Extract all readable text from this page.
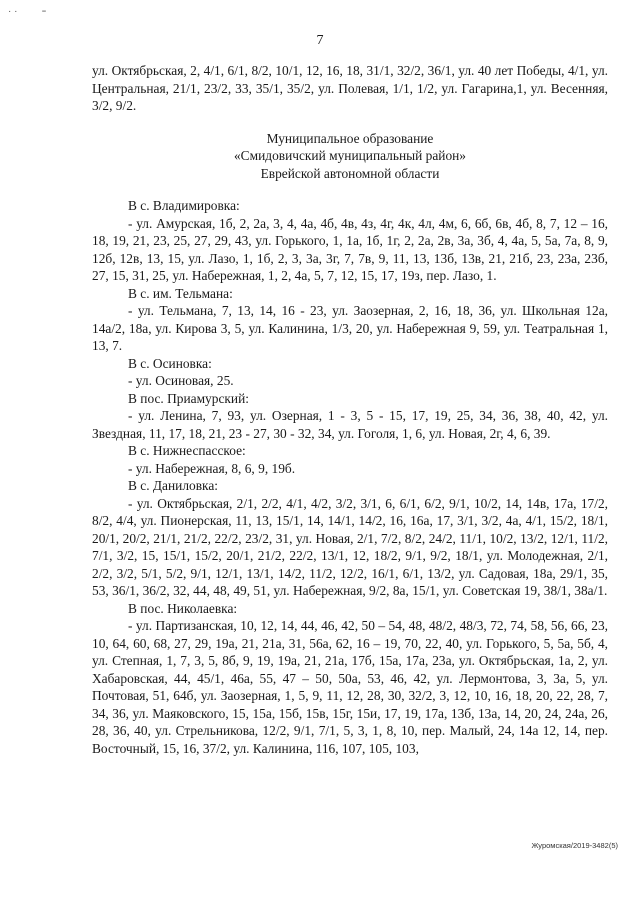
· · ˗
7

ул. Октябрьская, 2, 4/1, 6/1, 8/2, 10/1, 12, 16, 18, 31/1, 32/2, 36/1, ул. 40 лет Победы, 4/1, ул. Центральная, 21/1, 23/2, 33, 35/1, 35/2, ул. Полевая, 1/1, 1/2, ул. Гагарина,1, ул. Весенняя, 3/2, 9/2.

Муниципальное образование

«Смидовичский муниципальный район»

Еврейской автономной области

В с. Владимировка:

- ул. Амурская, 1б, 2, 2а, 3, 4, 4а, 4б, 4в, 4з, 4г, 4к, 4л, 4м, 6, 6б, 6в, 4б, 8, 7, 12 – 16, 18, 19, 21, 23, 25, 27, 29, 43, ул. Горького, 1, 1а, 1б, 1г, 2, 2а, 2в, 3а, 3б, 4, 4а, 5, 5а, 7а, 8, 9, 12б, 12в, 13, 15, ул. Лазо, 1, 1б, 2, 3, 3а, 3г, 7, 7в, 9, 11, 13, 13б, 13в, 21, 21б, 23, 23а, 23б, 27, 15, 31, 25, ул. Набережная, 1, 2, 4а, 5, 7, 12, 15, 17, 19з, пер. Лазо, 1.

В с. им. Тельмана:

- ул. Тельмана, 7, 13, 14, 16 - 23, ул. Заозерная, 2, 16, 18, 36, ул. Школьная 12а, 14а/2, 18а, ул. Кирова 3, 5, ул. Калинина, 1/3, 20, ул. Набережная 9, 59, ул. Театральная 1, 13, 7.

В с. Осиновка:

- ул. Осиновая, 25.

В пос. Приамурский:

- ул. Ленина, 7, 93, ул. Озерная, 1 - 3, 5 - 15, 17, 19, 25, 34, 36, 38, 40, 42, ул. Звездная, 11, 17, 18, 21, 23 - 27, 30 - 32, 34, ул. Гоголя, 1, 6, ул. Новая, 2г, 4, 6, 39.

В с. Нижнеспасское:

- ул. Набережная, 8, 6, 9, 19б.

В с. Даниловка:

- ул. Октябрьская, 2/1, 2/2, 4/1, 4/2, 3/2, 3/1, 6, 6/1, 6/2, 9/1, 10/2, 14, 14в, 17а, 17/2, 8/2, 4/4, ул. Пионерская, 11, 13, 15/1, 14, 14/1, 14/2, 16, 16а, 17, 3/1, 3/2, 4а, 4/1, 15/2, 18/1, 20/1, 20/2, 21/1, 21/2, 22/2, 23/2, 31, ул. Новая, 2/1, 7/2, 8/2, 24/2, 11/1, 10/2, 13/2, 12/1, 11/2, 7/1, 3/2, 15, 15/1, 15/2, 20/1, 21/2, 22/2, 13/1, 12, 18/2, 9/1, 9/2, 18/1, ул. Молодежная, 2/1, 2/2, 3/2, 5/1, 5/2, 9/1, 12/1, 13/1, 14/2, 11/2, 12/2, 16/1, 6/1, 13/2, ул. Садовая, 18а, 29/1, 35, 53, 36/1, 36/2, 32, 44, 48, 49, 51, ул. Набережная, 9/2, 8а, 15/1, ул. Советская 19, 38/1, 38а/1.

В пос. Николаевка:

- ул. Партизанская, 10, 12, 14, 44, 46, 42, 50 – 54, 48, 48/2, 48/3, 72, 74, 58, 56, 66, 23, 10, 64, 60, 68, 27, 29, 19а, 21, 21а, 31, 56а, 62, 16 – 19, 70, 22, 40, ул. Горького, 5, 5а, 5б, 4, ул. Степная, 1, 7, 3, 5, 8б, 9, 19, 19а, 21, 21а, 17б, 15а, 17а, 23а, ул. Октябрьская, 1а, 2, ул. Хабаровская, 44, 45/1, 46а, 55, 47 – 50, 50а, 53, 46, 42, ул. Лермонтова, 3, 3а, 5, ул. Почтовая, 51, 64б, ул. Заозерная, 1, 5, 9, 11, 12, 28, 30, 32/2, 3, 12, 10, 16, 18, 20, 22, 28, 7, 34, 36, ул. Маяковского, 15, 15а, 15б, 15в, 15г, 15и, 17, 19, 17а, 13б, 13а, 14, 20, 24, 24а, 26, 28, 36, 40, ул. Стрельникова, 12/2, 9/1, 7/1, 5, 3, 1, 8, 10, пер. Малый, 24, 14а 12, 14, пер. Восточный, 15, 16, 37/2, ул. Калинина, 116, 107, 105, 103,

Журомская/2019-3482(5)
